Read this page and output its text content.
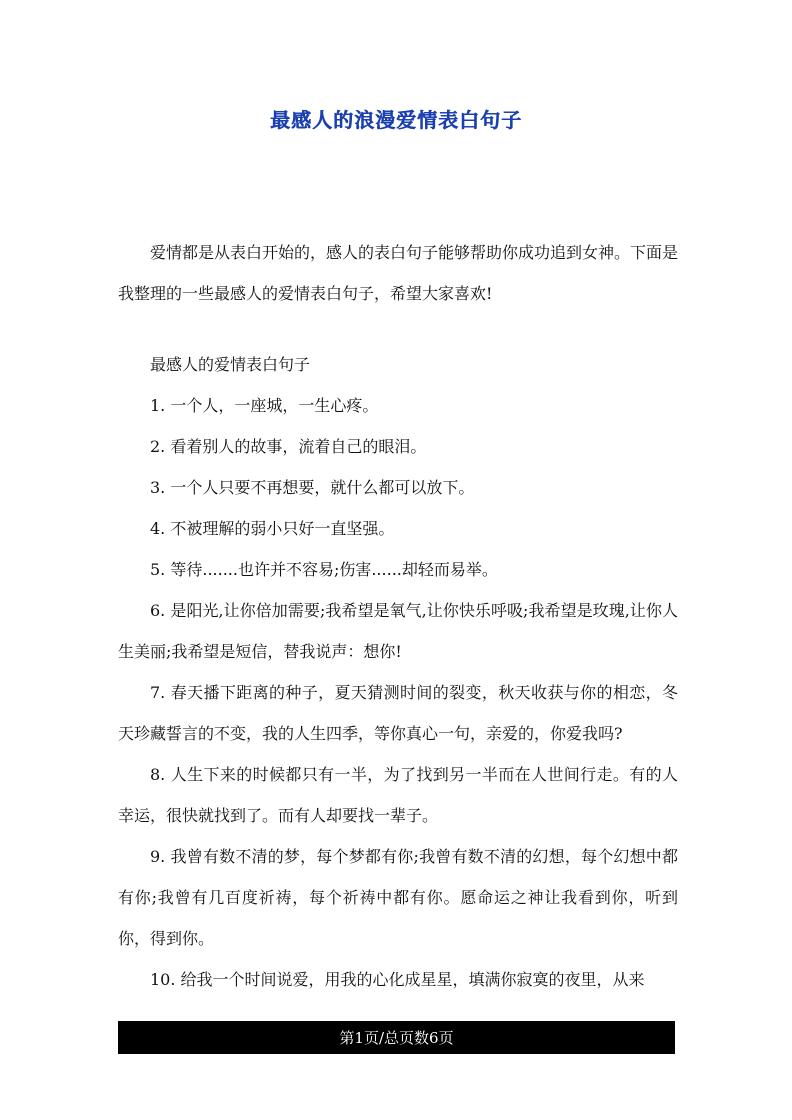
最感人的浪漫爱情表白句子

爱情都是从表白开始的，感人的表白句子能够帮助你成功追到女神。下面是我整理的一些最感人的爱情表白句子，希望大家喜欢!

最感人的爱情表白句子

1. 一个人，一座城，一生心疼。

2. 看着别人的故事，流着自己的眼泪。

3. 一个人只要不再想要，就什么都可以放下。

4. 不被理解的弱小只好一直坚强。

5. 等待.......也许并不容易;伤害......却轻而易举。

6. 是阳光,让你倍加需要;我希望是氧气,让你快乐呼吸;我希望是玫瑰,让你人生美丽;我希望是短信，替我说声：想你!

7. 春天播下距离的种子，夏天猜测时间的裂变，秋天收获与你的相恋，冬天珍藏誓言的不变，我的人生四季，等你真心一句，亲爱的，你爱我吗?

8. 人生下来的时候都只有一半，为了找到另一半而在人世间行走。有的人幸运，很快就找到了。而有人却要找一辈子。

9. 我曾有数不清的梦，每个梦都有你;我曾有数不清的幻想，每个幻想中都有你;我曾有几百度祈祷，每个祈祷中都有你。愿命运之神让我看到你，听到你，得到你。

10. 给我一个时间说爱，用我的心化成星星，填满你寂寞的夜里，从来

第 1 页 / 总页数 6 页
